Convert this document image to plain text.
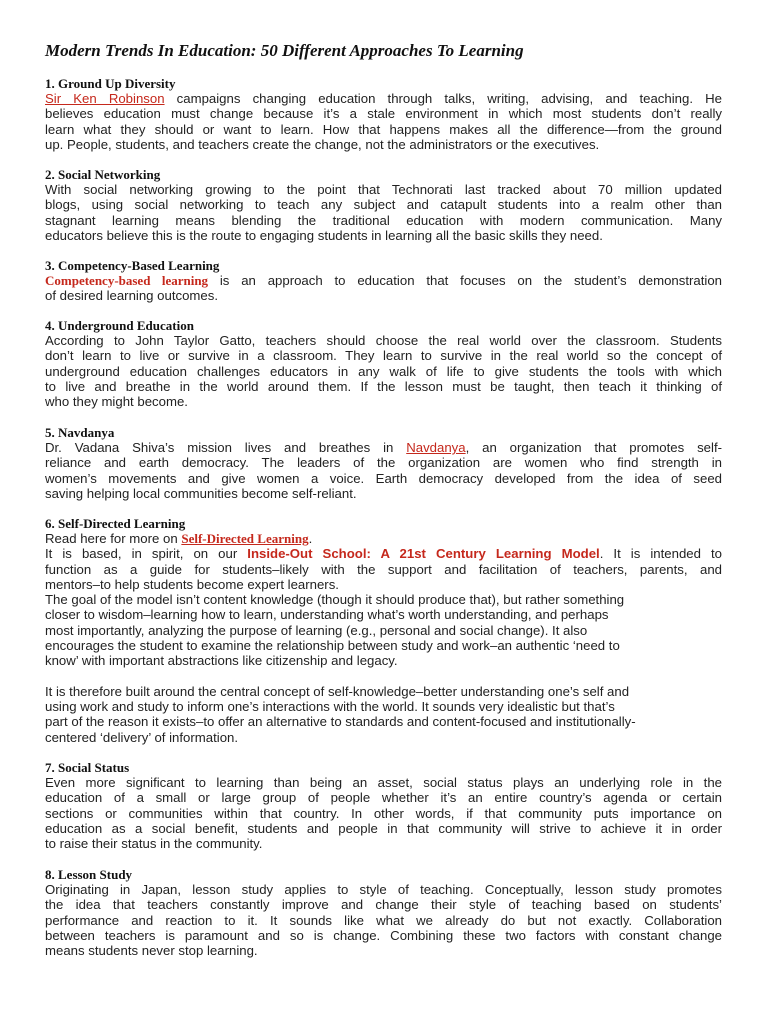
Modern Trends In Education: 50 Different Approaches To Learning
1. Ground Up Diversity
Sir Ken Robinson campaigns changing education through talks, writing, advising, and teaching. He
believes education must change because it’s a stale environment in which most students don’t really
learn what they should or want to learn. How that happens makes all the difference—from the ground
up. People, students, and teachers create the change, not the administrators or the executives.
2. Social Networking
With social networking growing to the point that Technorati last tracked about 70 million updated
blogs, using social networking to teach any subject and catapult students into a realm other than
stagnant learning means blending the traditional education with modern communication. Many
educators believe this is the route to engaging students in learning all the basic skills they need.
3. Competency-Based Learning
Competency-based learning is an approach to education that focuses on the student’s demonstration
of desired learning outcomes.
4. Underground Education
According to John Taylor Gatto, teachers should choose the real world over the classroom. Students
don’t learn to live or survive in a classroom. They learn to survive in the real world so the concept of
underground education challenges educators in any walk of life to give students the tools with which
to live and breathe in the world around them. If the lesson must be taught, then teach it thinking of
who they might become.
5. Navdanya
Dr. Vadana Shiva’s mission lives and breathes in Navdanya, an organization that promotes self-
reliance and earth democracy. The leaders of the organization are women who find strength in
women’s movements and give women a voice. Earth democracy developed from the idea of seed
saving helping local communities become self-reliant.
6. Self-Directed Learning
Read here for more on Self-Directed Learning.
It is based, in spirit, on our Inside-Out School: A 21st Century Learning Model. It is intended to
function as a guide for students–likely with the support and facilitation of teachers, parents, and
mentors–to help students become expert learners.
The goal of the model isn’t content knowledge (though it should produce that), but rather something
closer to wisdom–learning how to learn, understanding what’s worth understanding, and perhaps
most importantly, analyzing the purpose of learning (e.g., personal and social change). It also
encourages the student to examine the relationship between study and work–an authentic ‘need to
know’ with important abstractions like citizenship and legacy.
It is therefore built around the central concept of self-knowledge–better understanding one’s self and
using work and study to inform one’s interactions with the world. It sounds very idealistic but that’s
part of the reason it exists–to offer an alternative to standards and content-focused and institutionally-
centered ‘delivery’ of information.
7. Social Status
Even more significant to learning than being an asset, social status plays an underlying role in the
education of a small or large group of people whether it’s an entire country’s agenda or certain
sections or communities within that country. In other words, if that community puts importance on
education as a social benefit, students and people in that community will strive to achieve it in order
to raise their status in the community.
8. Lesson Study
Originating in Japan, lesson study applies to style of teaching. Conceptually, lesson study promotes
the idea that teachers constantly improve and change their style of teaching based on students’
performance and reaction to it. It sounds like what we already do but not exactly. Collaboration
between teachers is paramount and so is change. Combining these two factors with constant change
means students never stop learning.
